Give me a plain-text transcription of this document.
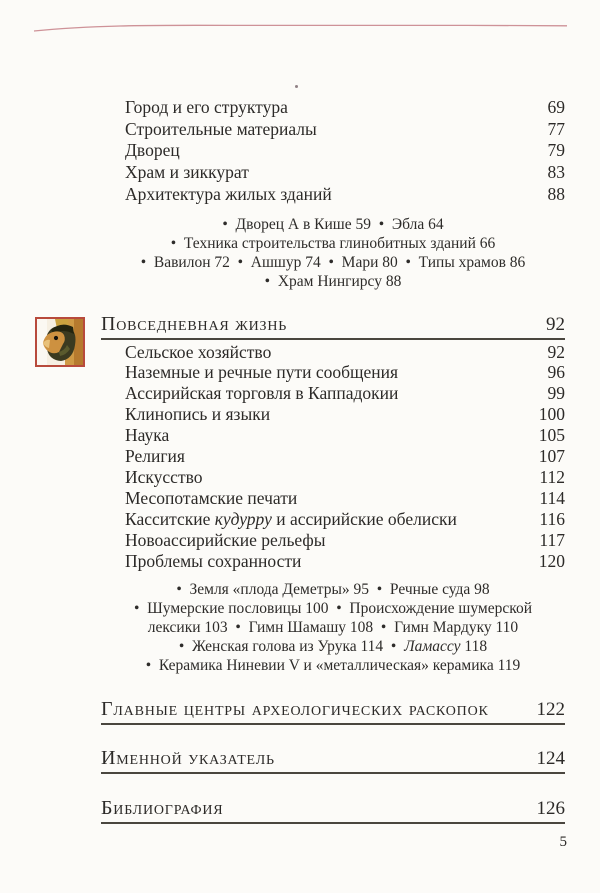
Город и его структура	69
Строительные материалы	77
Дворец	79
Храм и зиккурат	83
Архитектура жилых зданий	88
• Дворец А в Кише 59 • Эбла 64
• Техника строительства глинобитных зданий 66
• Вавилон 72 • Ашшур 74 • Мари 80 • Типы храмов 86
• Храм Нингирсу 88
Повседневная жизнь	92
Сельское хозяйство	92
Наземные и речные пути сообщения	96
Ассирийская торговля в Каппадокии	99
Клинопись и языки	100
Наука	105
Религия	107
Искусство	112
Месопотамские печати	114
Касситские кудурру и ассирийские обелиски	116
Новоассирийские рельефы	117
Проблемы сохранности	120
• Земля «плода Деметры» 95 • Речные суда 98
• Шумерские пословицы 100 • Происхождение шумерской
лексики 103 • Гимн Шамашу 108 • Гимн Мардуку 110
• Женская голова из Урука 114 • Ламассу 118
• Керамика Ниневии V и «металлическая» керамика 119
Главные центры археологических раскопок	122
Именной указатель	124
Библиография	126
5
